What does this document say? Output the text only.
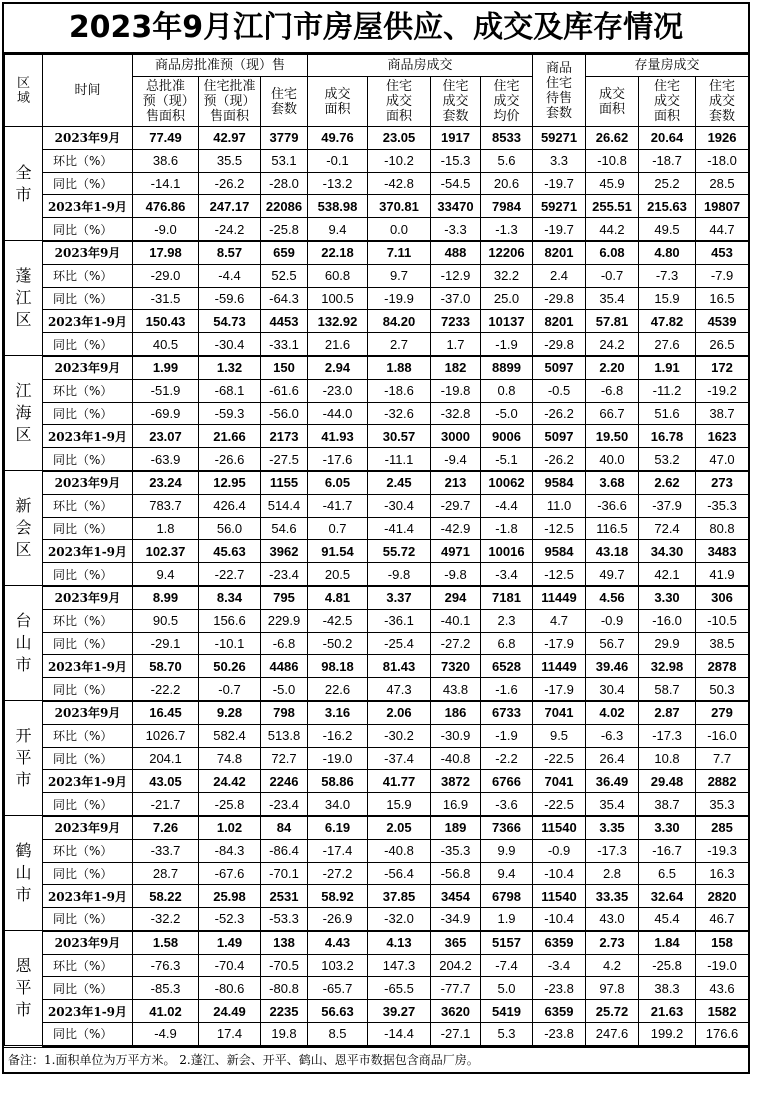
2023年9月江门市房屋供应、成交及库存情况
区域	时间	商品房批准预（现）售			商品房成交				商品住宅待售套数	存量房成交		
		总批准预（现）售面积	住宅批准预（现）售面积	住宅套数	成交面积	住宅成交面积	住宅成交套数	住宅成交均价		成交面积	住宅成交面积	住宅成交套数
全
市	2023年9月	77.49	42.97	3779	49.76	23.05	1917	8533	59271	26.62	20.64	1926
	环比（%）	38.6	35.5	53.1	-0.1	-10.2	-15.3	5.6	3.3	-10.8	-18.7	-18.0
	同比（%）	-14.1	-26.2	-28.0	-13.2	-42.8	-54.5	20.6	-19.7	45.9	25.2	28.5
	2023年1-9月	476.86	247.17	22086	538.98	370.81	33470	7984	59271	255.51	215.63	19807
	同比（%）	-9.0	-24.2	-25.8	9.4	0.0	-3.3	-1.3	-19.7	44.2	49.5	44.7
蓬
江
区	2023年9月	17.98	8.57	659	22.18	7.11	488	12206	8201	6.08	4.80	453
	环比（%）	-29.0	-4.4	52.5	60.8	9.7	-12.9	32.2	2.4	-0.7	-7.3	-7.9
	同比（%）	-31.5	-59.6	-64.3	100.5	-19.9	-37.0	25.0	-29.8	35.4	15.9	16.5
	2023年1-9月	150.43	54.73	4453	132.92	84.20	7233	10137	8201	57.81	47.82	4539
	同比（%）	40.5	-30.4	-33.1	21.6	2.7	1.7	-1.9	-29.8	24.2	27.6	26.5
江
海
区	2023年9月	1.99	1.32	150	2.94	1.88	182	8899	5097	2.20	1.91	172
	环比（%）	-51.9	-68.1	-61.6	-23.0	-18.6	-19.8	0.8	-0.5	-6.8	-11.2	-19.2
	同比（%）	-69.9	-59.3	-56.0	-44.0	-32.6	-32.8	-5.0	-26.2	66.7	51.6	38.7
	2023年1-9月	23.07	21.66	2173	41.93	30.57	3000	9006	5097	19.50	16.78	1623
	同比（%）	-63.9	-26.6	-27.5	-17.6	-11.1	-9.4	-5.1	-26.2	40.0	53.2	47.0
新
会
区	2023年9月	23.24	12.95	1155	6.05	2.45	213	10062	9584	3.68	2.62	273
	环比（%）	783.7	426.4	514.4	-41.7	-30.4	-29.7	-4.4	11.0	-36.6	-37.9	-35.3
	同比（%）	1.8	56.0	54.6	0.7	-41.4	-42.9	-1.8	-12.5	116.5	72.4	80.8
	2023年1-9月	102.37	45.63	3962	91.54	55.72	4971	10016	9584	43.18	34.30	3483
	同比（%）	9.4	-22.7	-23.4	20.5	-9.8	-9.8	-3.4	-12.5	49.7	42.1	41.9
台
山
市	2023年9月	8.99	8.34	795	4.81	3.37	294	7181	11449	4.56	3.30	306
	环比（%）	90.5	156.6	229.9	-42.5	-36.1	-40.1	2.3	4.7	-0.9	-16.0	-10.5
	同比（%）	-29.1	-10.1	-6.8	-50.2	-25.4	-27.2	6.8	-17.9	56.7	29.9	38.5
	2023年1-9月	58.70	50.26	4486	98.18	81.43	7320	6528	11449	39.46	32.98	2878
	同比（%）	-22.2	-0.7	-5.0	22.6	47.3	43.8	-1.6	-17.9	30.4	58.7	50.3
开
平
市	2023年9月	16.45	9.28	798	3.16	2.06	186	6733	7041	4.02	2.87	279
	环比（%）	1026.7	582.4	513.8	-16.2	-30.2	-30.9	-1.9	9.5	-6.3	-17.3	-16.0
	同比（%）	204.1	74.8	72.7	-19.0	-37.4	-40.8	-2.2	-22.5	26.4	10.8	7.7
	2023年1-9月	43.05	24.42	2246	58.86	41.77	3872	6766	7041	36.49	29.48	2882
	同比（%）	-21.7	-25.8	-23.4	34.0	15.9	16.9	-3.6	-22.5	35.4	38.7	35.3
鹤
山
市	2023年9月	7.26	1.02	84	6.19	2.05	189	7366	11540	3.35	3.30	285
	环比（%）	-33.7	-84.3	-86.4	-17.4	-40.8	-35.3	9.9	-0.9	-17.3	-16.7	-19.3
	同比（%）	28.7	-67.6	-70.1	-27.2	-56.4	-56.8	9.4	-10.4	2.8	6.5	16.3
	2023年1-9月	58.22	25.98	2531	58.92	37.85	3454	6798	11540	33.35	32.64	2820
	同比（%）	-32.2	-52.3	-53.3	-26.9	-32.0	-34.9	1.9	-10.4	43.0	45.4	46.7
恩
平
市	2023年9月	1.58	1.49	138	4.43	4.13	365	5157	6359	2.73	1.84	158
	环比（%）	-76.3	-70.4	-70.5	103.2	147.3	204.2	-7.4	-3.4	4.2	-25.8	-19.0
	同比（%）	-85.3	-80.6	-80.8	-65.7	-65.5	-77.7	5.0	-23.8	97.8	38.3	43.6
	2023年1-9月	41.02	24.49	2235	56.63	39.27	3620	5419	6359	25.72	21.63	1582
	同比（%）	-4.9	17.4	19.8	8.5	-14.4	-27.1	5.3	-23.8	247.6	199.2	176.6
备注：1.面积单位为万平方米。 2.蓬江、新会、开平、鹤山、恩平市数据包含商品厂房。
